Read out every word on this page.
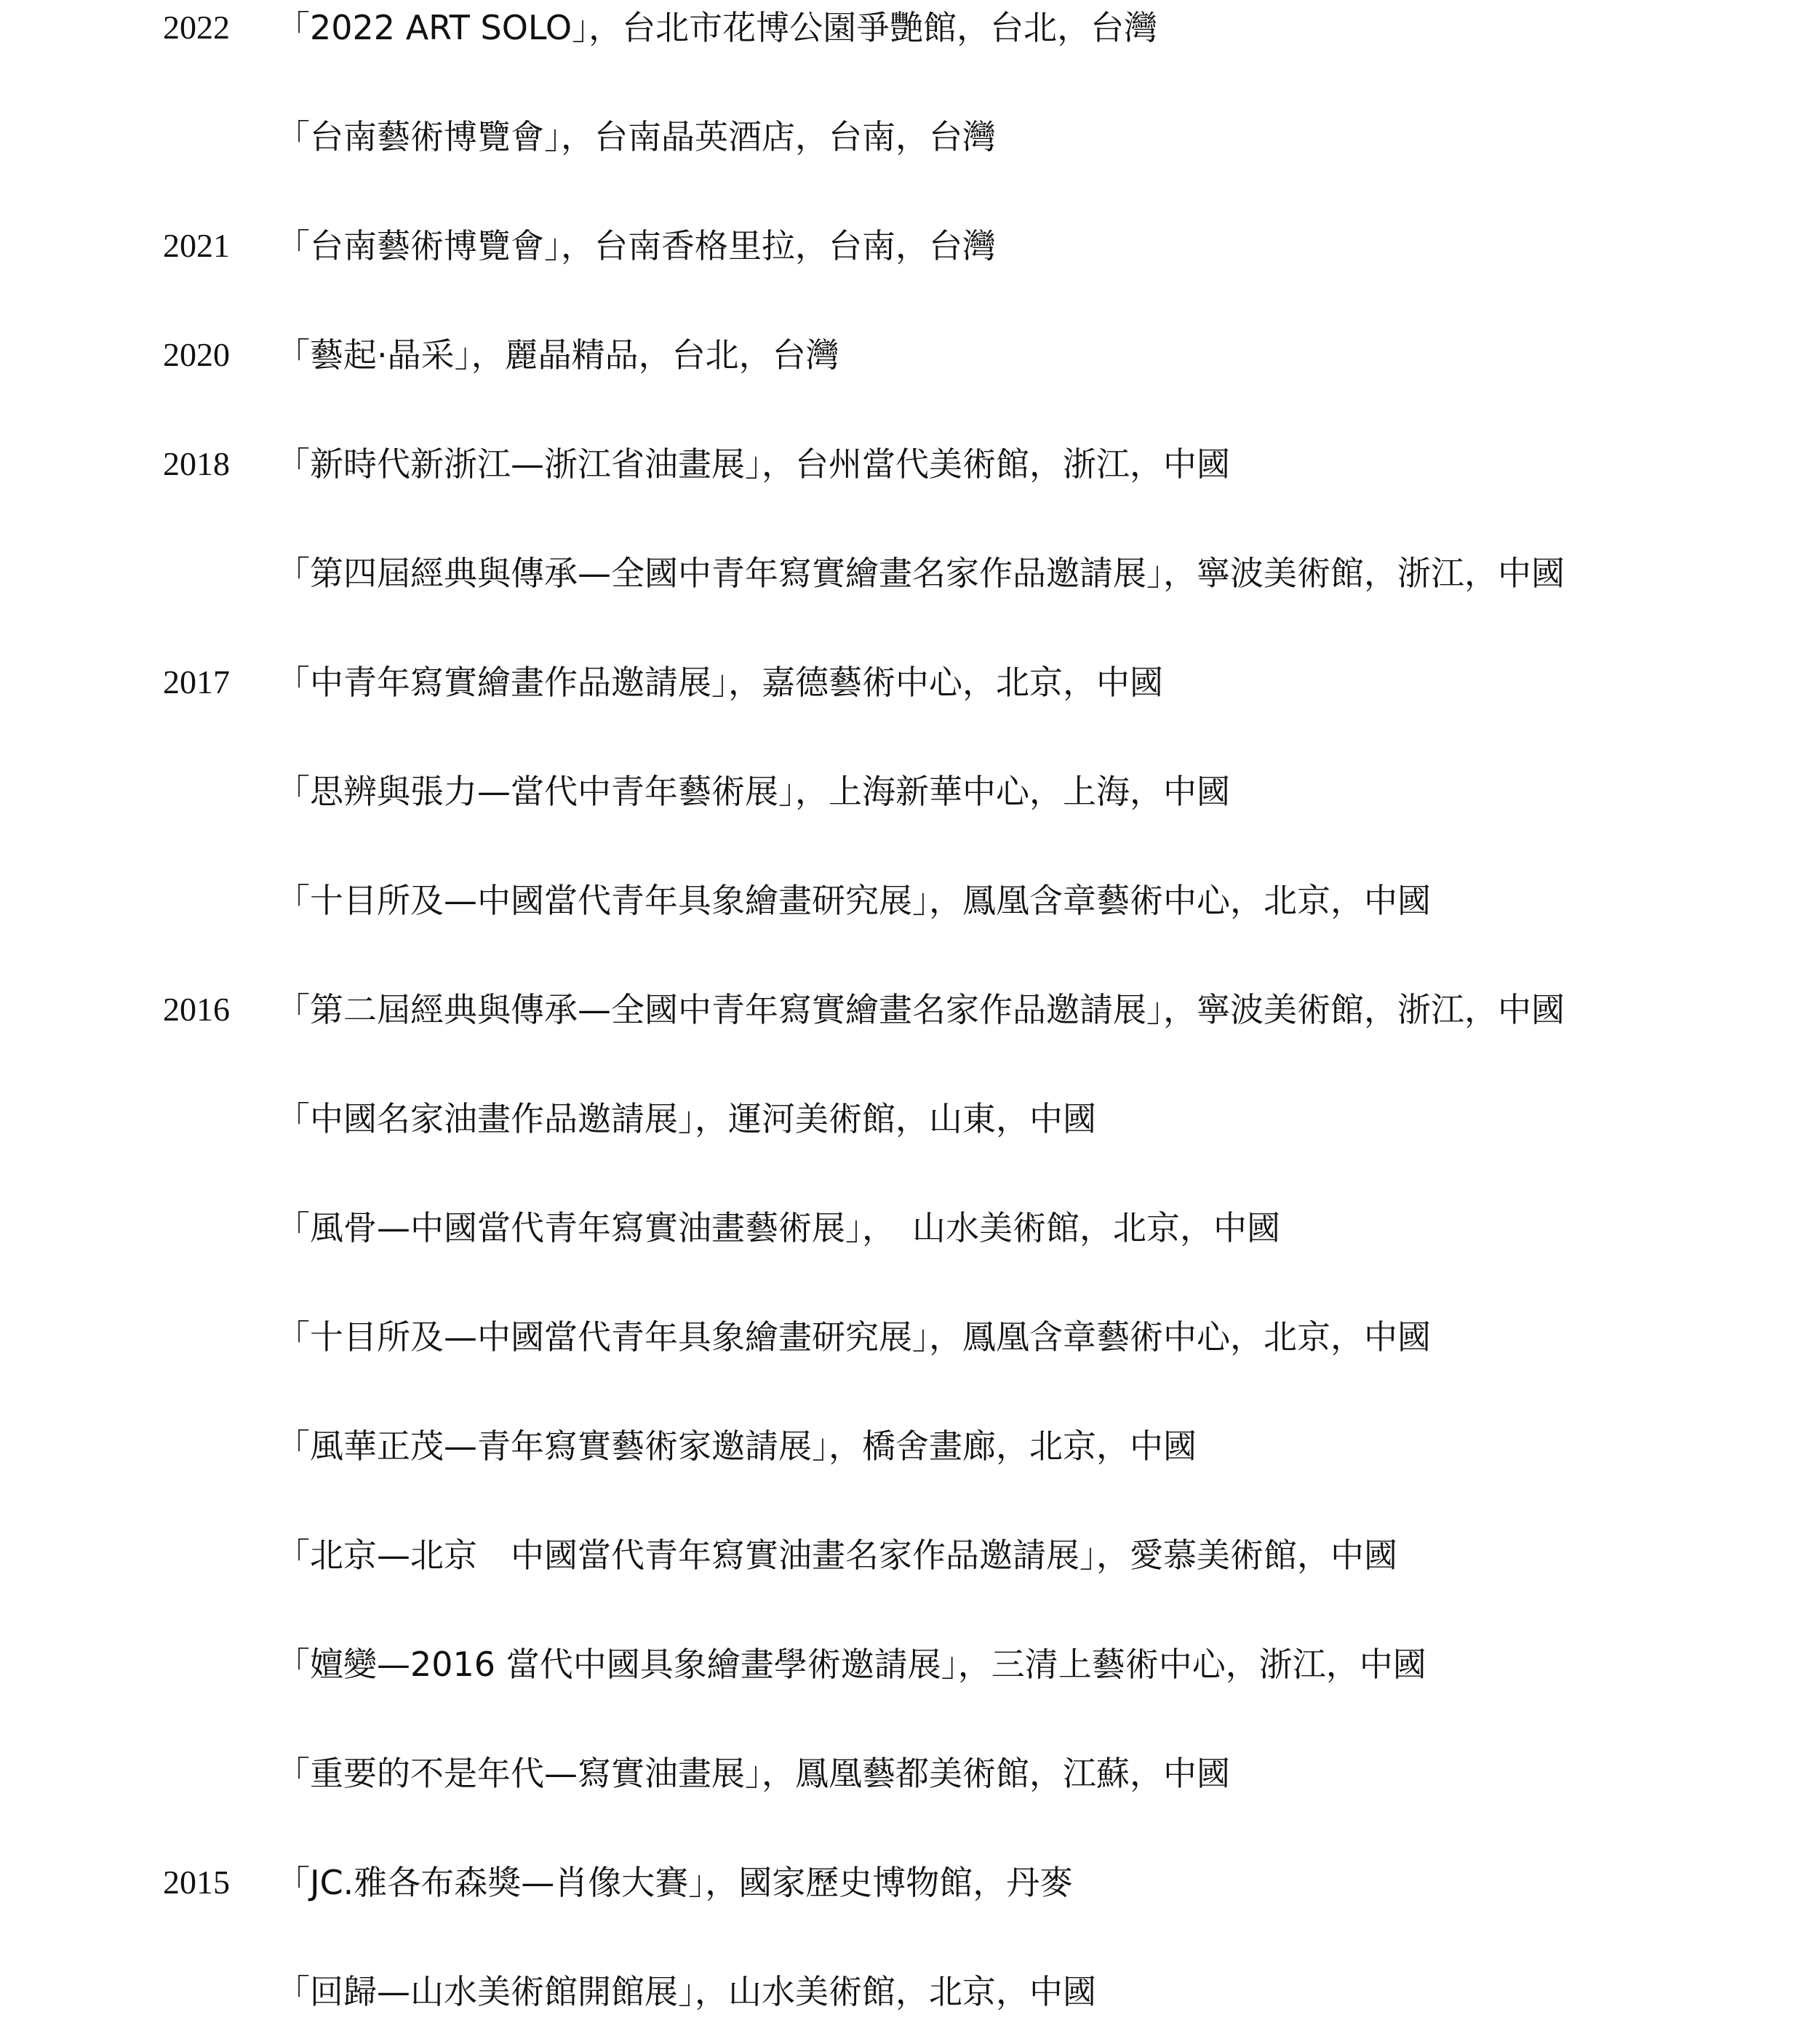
2022 「2022 ART SOLO」，台北市花博公園爭艷館，台北，台灣
「台南藝術博覽會」，台南晶英酒店，台南，台灣
2021 「台南藝術博覽會」，台南香格里拉，台南，台灣
2020 「藝起·晶采」，麗晶精品，台北，台灣
2018 「新時代新浙江—浙江省油畫展」，台州當代美術館，浙江，中國
「第四屆經典與傳承—全國中青年寫實繪畫名家作品邀請展」，寧波美術館，浙江，中國
2017 「中青年寫實繪畫作品邀請展」，嘉德藝術中心，北京，中國
「思辨與張力—當代中青年藝術展」，上海新華中心，上海，中國
「十目所及—中國當代青年具象繪畫研究展」，鳳凰含章藝術中心，北京，中國
2016 「第二屆經典與傳承—全國中青年寫實繪畫名家作品邀請展」，寧波美術館，浙江，中國
「中國名家油畫作品邀請展」，運河美術館，山東，中國
「風骨—中國當代青年寫實油畫藝術展」，　山水美術館，北京，中國
「十目所及—中國當代青年具象繪畫研究展」，鳳凰含章藝術中心，北京，中國
「風華正茂—青年寫實藝術家邀請展」，橋舍畫廊，北京，中國
「北京—北京　中國當代青年寫實油畫名家作品邀請展」，愛慕美術館，中國
「嬗變—2016 當代中國具象繪畫學術邀請展」，三清上藝術中心，浙江，中國
「重要的不是年代—寫實油畫展」，鳳凰藝都美術館，江蘇，中國
2015 「JC.雅各布森獎—肖像大賽」，國家歷史博物館，丹麥
「回歸—山水美術館開館展」，山水美術館，北京，中國
